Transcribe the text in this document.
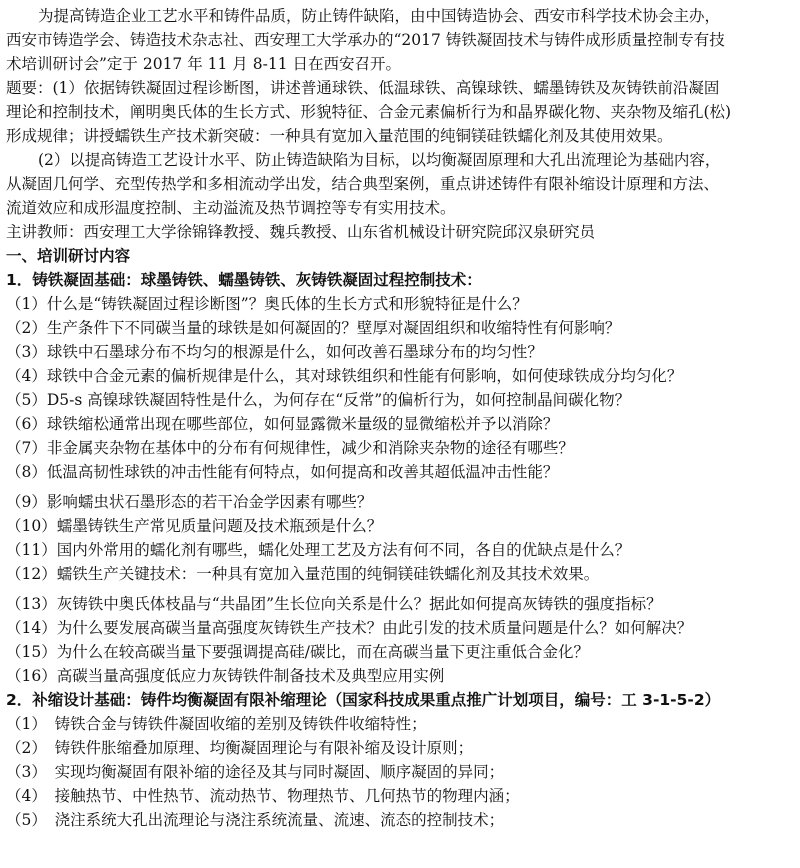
为提高铸造企业工艺水平和铸件品质，防止铸件缺陷，由中国铸造协会、西安市科学技术协会主办，
西安市铸造学会、铸造技术杂志社、西安理工大学承办的“2017 铸铁凝固技术与铸件成形质量控制专有技
术培训研讨会”定于 2017 年 11 月 8-11 日在西安召开。
题要：(1）依据铸铁凝固过程诊断图，讲述普通球铁、低温球铁、高镍球铁、蠕墨铸铁及灰铸铁前沿凝固
理论和控制技术，阐明奥氏体的生长方式、形貌特征、合金元素偏析行为和晶界碳化物、夹杂物及缩孔(松)
形成规律；讲授蠕铁生产技术新突破：一种具有宽加入量范围的纯铜镁硅铁蠕化剂及其使用效果。
(2）以提高铸造工艺设计水平、防止铸造缺陷为目标，以均衡凝固原理和大孔出流理论为基础内容，
从凝固几何学、充型传热学和多相流动学出发，结合典型案例，重点讲述铸件有限补缩设计原理和方法、
流道效应和成形温度控制、主动溢流及热节调控等专有实用技术。
主讲教师：西安理工大学徐锦锋教授、魏兵教授、山东省机械设计研究院邱汉泉研究员
一、培训研讨内容
1．铸铁凝固基础：球墨铸铁、蠕墨铸铁、灰铸铁凝固过程控制技术：
（1）什么是“铸铁凝固过程诊断图”？奥氏体的生长方式和形貌特征是什么？
（2）生产条件下不同碳当量的球铁是如何凝固的？壁厚对凝固组织和收缩特性有何影响？
（3）球铁中石墨球分布不均匀的根源是什么，如何改善石墨球分布的均匀性？
（4）球铁中合金元素的偏析规律是什么，其对球铁组织和性能有何影响，如何使球铁成分均匀化？
（5）D5-s 高镍球铁凝固特性是什么，为何存在“反常”的偏析行为，如何控制晶间碳化物？
（6）球铁缩松通常出现在哪些部位，如何显露微米量级的显微缩松并予以消除？
（7）非金属夹杂物在基体中的分布有何规律性，减少和消除夹杂物的途径有哪些？
（8）低温高韧性球铁的冲击性能有何特点，如何提高和改善其超低温冲击性能？
（9）影响蠕虫状石墨形态的若干冶金学因素有哪些？
（10）蠕墨铸铁生产常见质量问题及技术瓶颈是什么？
（11）国内外常用的蠕化剂有哪些，蠕化处理工艺及方法有何不同，各自的优缺点是什么？
（12）蠕铁生产关键技术：一种具有宽加入量范围的纯铜镁硅铁蠕化剂及其技术效果。
（13）灰铸铁中奥氏体枝晶与“共晶团”生长位向关系是什么？据此如何提高灰铸铁的强度指标？
（14）为什么要发展高碳当量高强度灰铸铁生产技术？由此引发的技术质量问题是什么？如何解决？
（15）为什么在较高碳当量下要强调提高硅/碳比，而在高碳当量下更注重低合金化？
（16）高碳当量高强度低应力灰铸铁件制备技术及典型应用实例
2．补缩设计基础：铸件均衡凝固有限补缩理论（国家科技成果重点推广计划项目，编号：工 3-1-5-2）
（1）　铸铁合金与铸铁件凝固收缩的差别及铸铁件收缩特性；
（2）　铸铁件胀缩叠加原理、均衡凝固理论与有限补缩及设计原则；
（3）　实现均衡凝固有限补缩的途径及其与同时凝固、顺序凝固的异同；
（4）　接触热节、中性热节、流动热节、物理热节、几何热节的物理内涵；
（5）　浇注系统大孔出流理论与浇注系统流量、流速、流态的控制技术；
